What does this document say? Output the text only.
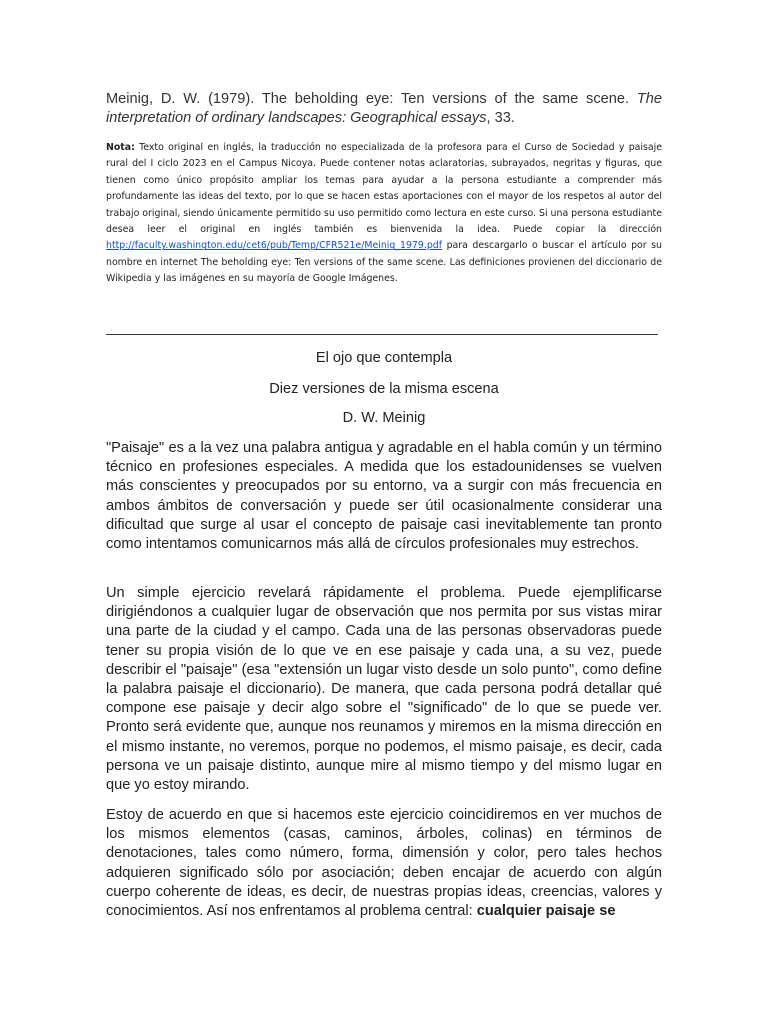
Meinig, D. W. (1979). The beholding eye: Ten versions of the same scene. The interpretation of ordinary landscapes: Geographical essays, 33.

Nota: Texto original en inglés, la traducción no especializada de la profesora para el Curso de Sociedad y paisaje rural del I ciclo 2023 en el Campus Nicoya. Puede contener notas aclaratorias, subrayados, negritas y figuras, que tienen como único propósito ampliar los temas para ayudar a la persona estudiante a comprender más profundamente las ideas del texto, por lo que se hacen estas aportaciones con el mayor de los respetos al autor del trabajo original, siendo únicamente permitido su uso permitido como lectura en este curso. Si una persona estudiante desea leer el original en inglés también es bienvenida la idea. Puede copiar la dirección http://faculty.washington.edu/cet6/pub/Temp/CFR521e/Meinig_1979.pdf para descargarlo o buscar el artículo por su nombre en internet The beholding eye: Ten versions of the same scene. Las definiciones provienen del diccionario de Wikipedia y las imágenes en su mayoría de Google Imágenes.

El ojo que contempla
Diez versiones de la misma escena
D. W. Meinig

"Paisaje" es a la vez una palabra antigua y agradable en el habla común y un término técnico en profesiones especiales. A medida que los estadounidenses se vuelven más conscientes y preocupados por su entorno, va a surgir con más frecuencia en ambos ámbitos de conversación y puede ser útil ocasionalmente considerar una dificultad que surge al usar el concepto de paisaje casi inevitablemente tan pronto como intentamos comunicarnos más allá de círculos profesionales muy estrechos.

Un simple ejercicio revelará rápidamente el problema. Puede ejemplificarse dirigiéndonos a cualquier lugar de observación que nos permita por sus vistas mirar una parte de la ciudad y el campo. Cada una de las personas observadoras puede tener su propia visión de lo que ve en ese paisaje y cada una, a su vez, puede describir el "paisaje" (esa "extensión un lugar visto desde un solo punto", como define la palabra paisaje el diccionario). De manera, que cada persona podrá detallar qué compone ese paisaje y decir algo sobre el "significado" de lo que se puede ver. Pronto será evidente que, aunque nos reunamos y miremos en la misma dirección en el mismo instante, no veremos, porque no podemos, el mismo paisaje, es decir, cada persona ve un paisaje distinto, aunque mire al mismo tiempo y del mismo lugar en que yo estoy mirando.

Estoy de acuerdo en que si hacemos este ejercicio coincidiremos en ver muchos de los mismos elementos (casas, caminos, árboles, colinas) en términos de denotaciones, tales como número, forma, dimensión y color, pero tales hechos adquieren significado sólo por asociación; deben encajar de acuerdo con algún cuerpo coherente de ideas, es decir, de nuestras propias ideas, creencias, valores y conocimientos. Así nos enfrentamos al problema central: cualquier paisaje se
